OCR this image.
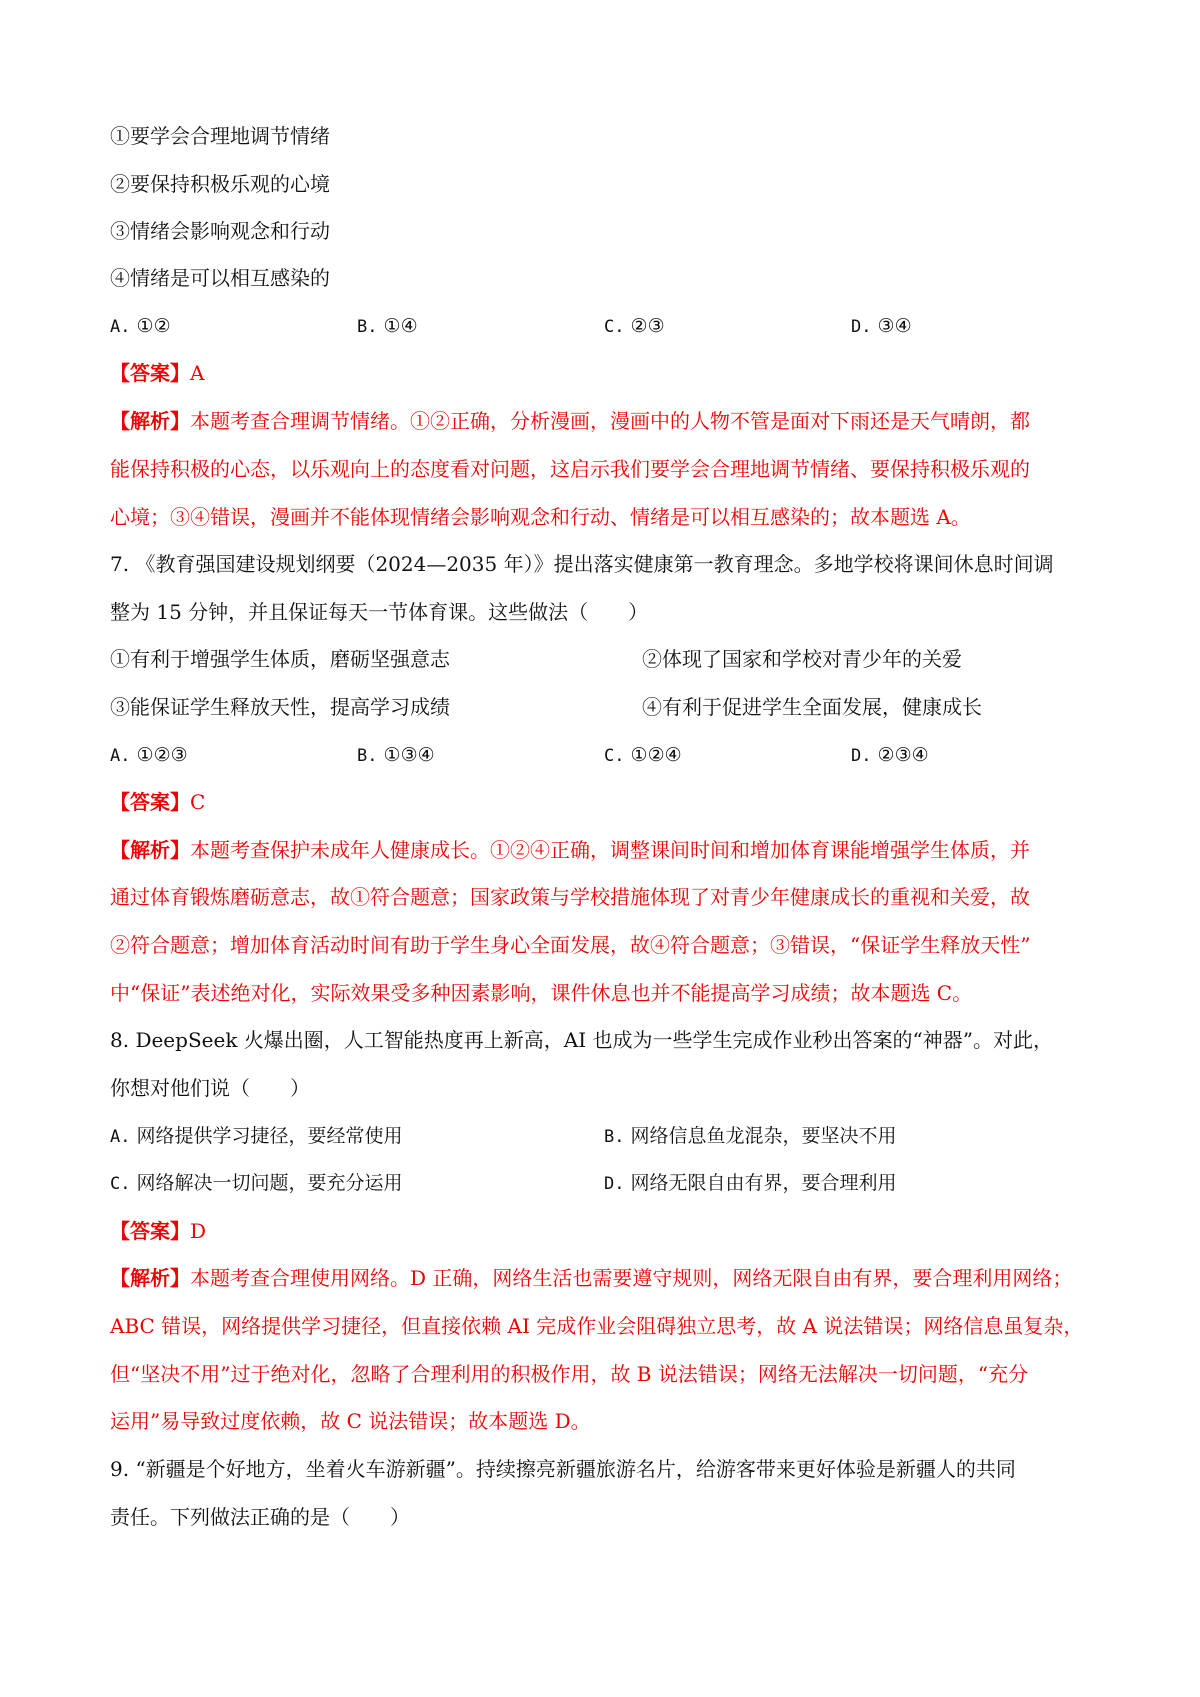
①要学会合理地调节情绪
②要保持积极乐观的心境
③情绪会影响观念和行动
④情绪是可以相互感染的
A. ①②	B. ①④	C. ②③	D. ③④
【答案】A
【解析】本题考查合理调节情绪。①②正确，分析漫画，漫画中的人物不管是面对下雨还是天气晴朗，都
能保持积极的心态，以乐观向上的态度看对问题，这启示我们要学会合理地调节情绪、要保持积极乐观的
心境；③④错误，漫画并不能体现情绪会影响观念和行动、情绪是可以相互感染的；故本题选 A。
7. 《教育强国建设规划纲要（2024—2035 年）》提出落实健康第一教育理念。多地学校将课间休息时间调
整为 15 分钟，并且保证每天一节体育课。这些做法（　　）
①有利于增强学生体质，磨砺坚强意志	②体现了国家和学校对青少年的关爱
③能保证学生释放天性，提高学习成绩	④有利于促进学生全面发展，健康成长
A. ①②③	B. ①③④	C. ①②④	D. ②③④
【答案】C
【解析】本题考查保护未成年人健康成长。①②④正确，调整课间时间和增加体育课能增强学生体质，并
通过体育锻炼磨砺意志，故①符合题意；国家政策与学校措施体现了对青少年健康成长的重视和关爱，故
②符合题意；增加体育活动时间有助于学生身心全面发展，故④符合题意；③错误，“保证学生释放天性”
中“保证”表述绝对化，实际效果受多种因素影响，课件休息也并不能提高学习成绩；故本题选 C。
8. DeepSeek 火爆出圈，人工智能热度再上新高，AI 也成为一些学生完成作业秒出答案的“神器”。对此，
你想对他们说（　　）
A. 网络提供学习捷径，要经常使用	B. 网络信息鱼龙混杂，要坚决不用
C. 网络解决一切问题，要充分运用	D. 网络无限自由有界，要合理利用
【答案】D
【解析】本题考查合理使用网络。D 正确，网络生活也需要遵守规则，网络无限自由有界，要合理利用网络；
ABC 错误，网络提供学习捷径，但直接依赖 AI 完成作业会阻碍独立思考，故 A 说法错误；网络信息虽复杂，
但“坚决不用”过于绝对化，忽略了合理利用的积极作用，故 B 说法错误；网络无法解决一切问题，“充分
运用”易导致过度依赖，故 C 说法错误；故本题选 D。
9. “新疆是个好地方，坐着火车游新疆”。持续擦亮新疆旅游名片，给游客带来更好体验是新疆人的共同
责任。下列做法正确的是（　　）
